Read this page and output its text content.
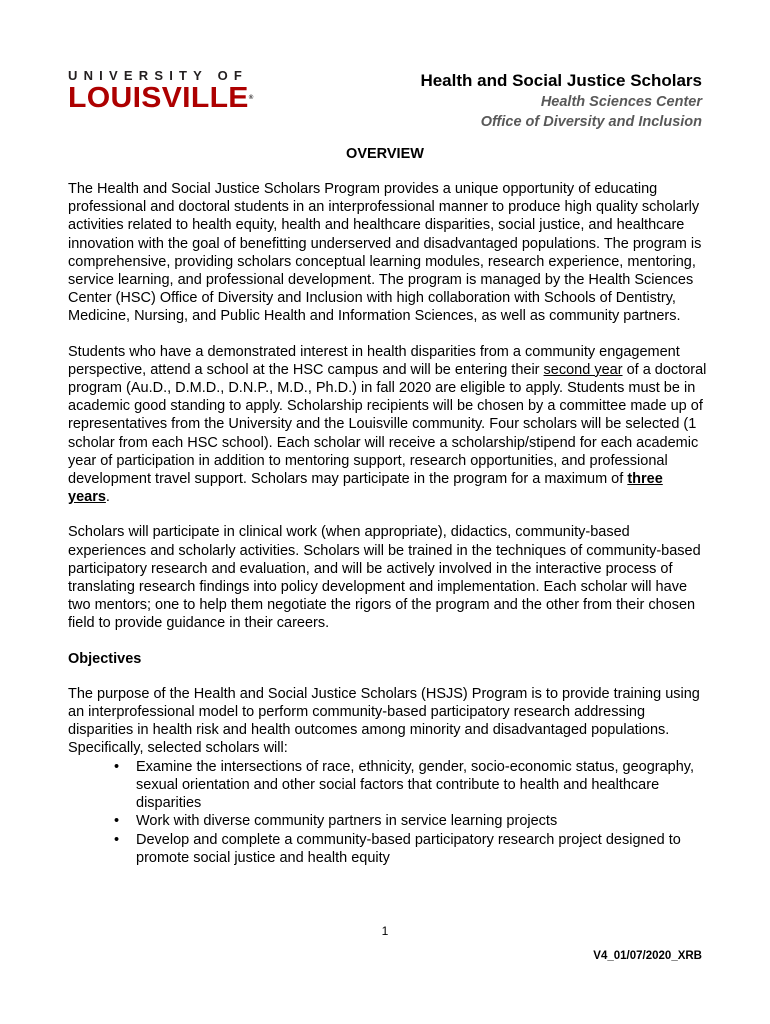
UNIVERSITY OF
LOUISVILLE®
Health and Social Justice Scholars
Health Sciences Center
Office of Diversity and Inclusion
OVERVIEW

The Health and Social Justice Scholars Program provides a unique opportunity of educating professional and doctoral students in an interprofessional manner to produce high quality scholarly activities related to health equity, health and healthcare disparities, social justice, and healthcare innovation with the goal of benefitting underserved and disadvantaged populations. The program is comprehensive, providing scholars conceptual learning modules, research experience, mentoring, service learning, and professional development. The program is managed by the Health Sciences Center (HSC) Office of Diversity and Inclusion with high collaboration with Schools of Dentistry, Medicine, Nursing, and Public Health and Information Sciences, as well as community partners.

Students who have a demonstrated interest in health disparities from a community engagement perspective, attend a school at the HSC campus and will be entering their second year of a doctoral program (Au.D., D.M.D., D.N.P., M.D., Ph.D.) in fall 2020 are eligible to apply. Students must be in academic good standing to apply. Scholarship recipients will be chosen by a committee made up of representatives from the University and the Louisville community. Four scholars will be selected (1 scholar from each HSC school). Each scholar will receive a scholarship/stipend for each academic year of participation in addition to mentoring support, research opportunities, and professional development travel support. Scholars may participate in the program for a maximum of three years.

Scholars will participate in clinical work (when appropriate), didactics, community-based experiences and scholarly activities. Scholars will be trained in the techniques of community-based participatory research and evaluation, and will be actively involved in the interactive process of translating research findings into policy development and implementation. Each scholar will have two mentors; one to help them negotiate the rigors of the program and the other from their chosen field to provide guidance in their careers.

Objectives

The purpose of the Health and Social Justice Scholars (HSJS) Program is to provide training using an interprofessional model to perform community-based participatory research addressing disparities in health risk and health outcomes among minority and disadvantaged populations. Specifically, selected scholars will:

• Examine the intersections of race, ethnicity, gender, socio-economic status, geography, sexual orientation and other social factors that contribute to health and healthcare disparities
• Work with diverse community partners in service learning projects
• Develop and complete a community-based participatory research project designed to promote social justice and health equity
1
V4_01/07/2020_XRB
